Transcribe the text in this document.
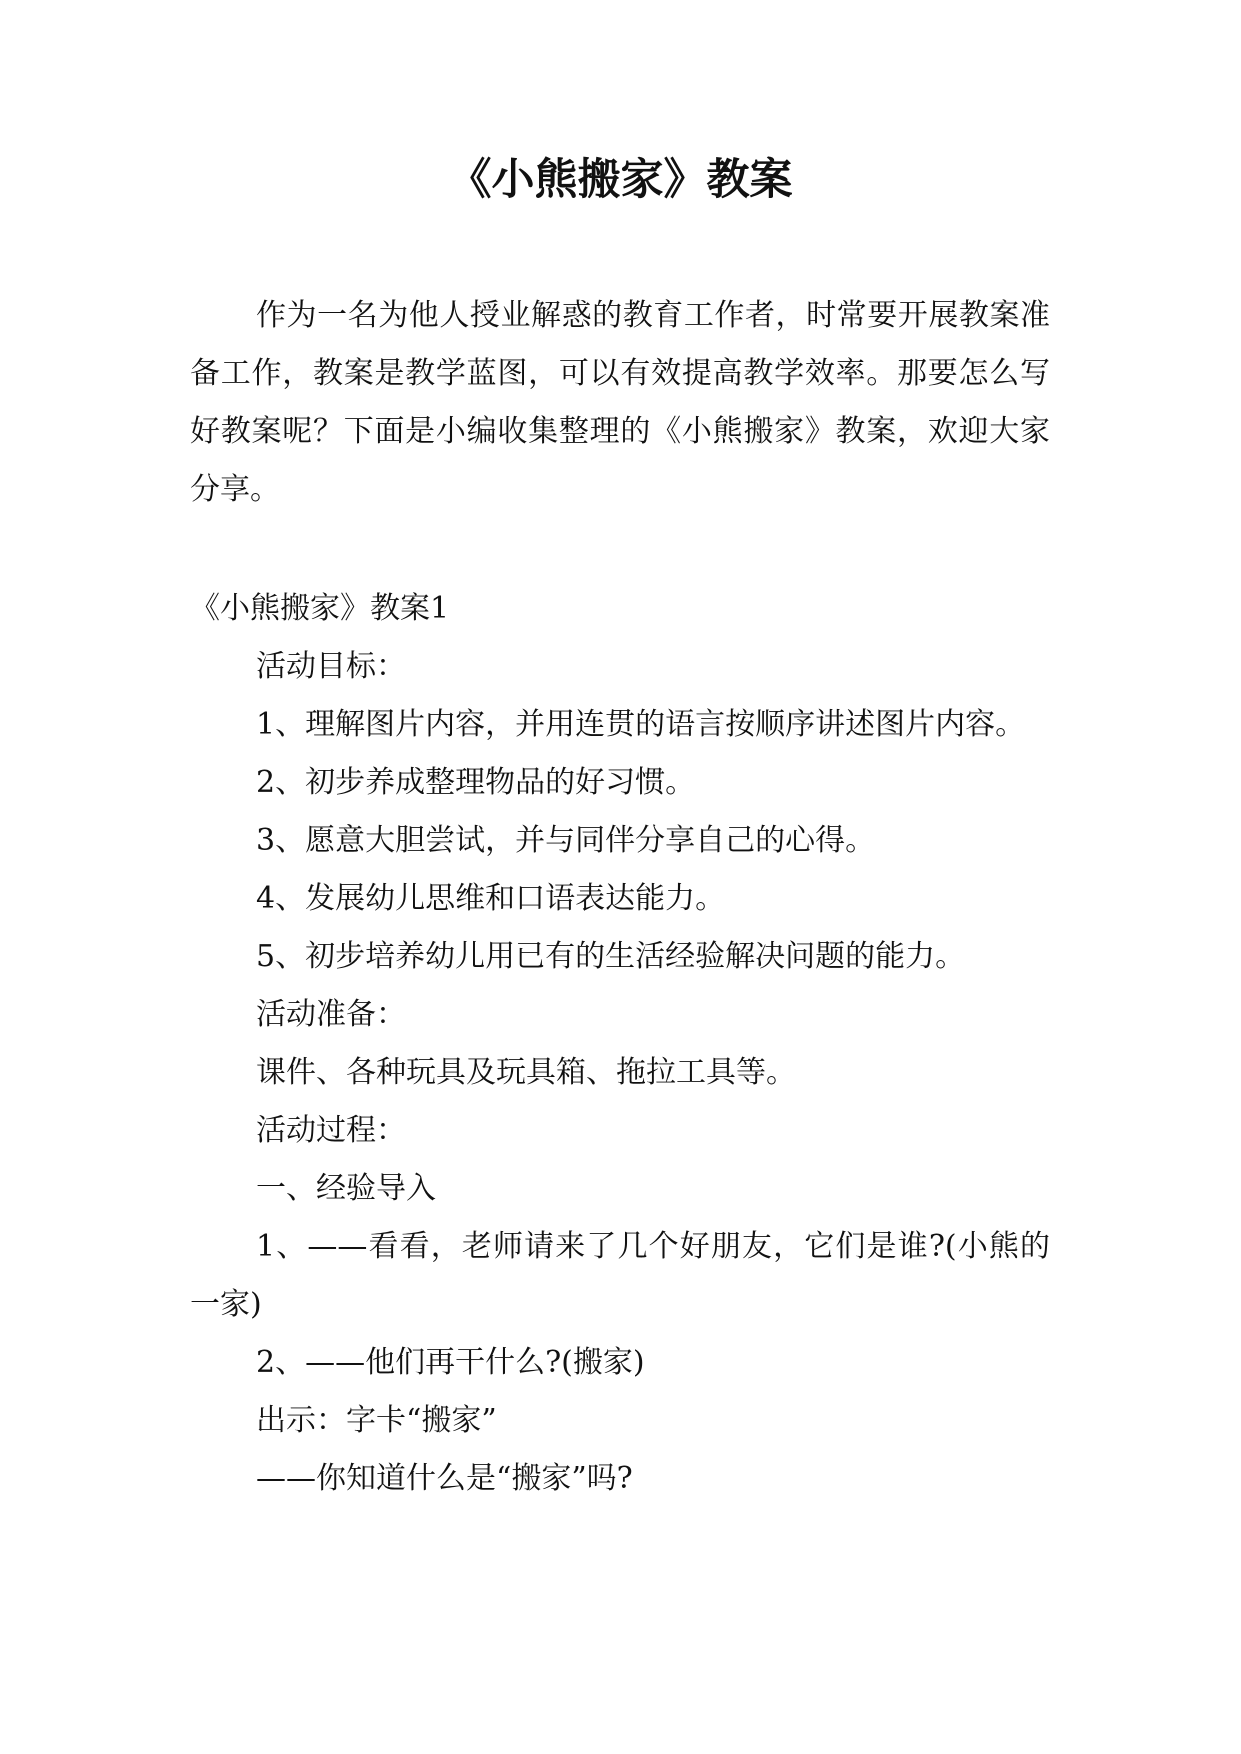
《小熊搬家》教案

作为一名为他人授业解惑的教育工作者，时常要开展教案准备工作，教案是教学蓝图，可以有效提高教学效率。那要怎么写好教案呢？下面是小编收集整理的《小熊搬家》教案，欢迎大家分享。

《小熊搬家》教案1

活动目标：

1、理解图片内容，并用连贯的语言按顺序讲述图片内容。

2、初步养成整理物品的好习惯。

3、愿意大胆尝试，并与同伴分享自己的心得。

4、发展幼儿思维和口语表达能力。

5、初步培养幼儿用已有的生活经验解决问题的能力。

活动准备：

课件、各种玩具及玩具箱、拖拉工具等。

活动过程：

一、经验导入

1、——看看，老师请来了几个好朋友，它们是谁?(小熊的一家)

2、——他们再干什么?(搬家)

出示：字卡“搬家”

——你知道什么是“搬家”吗?
